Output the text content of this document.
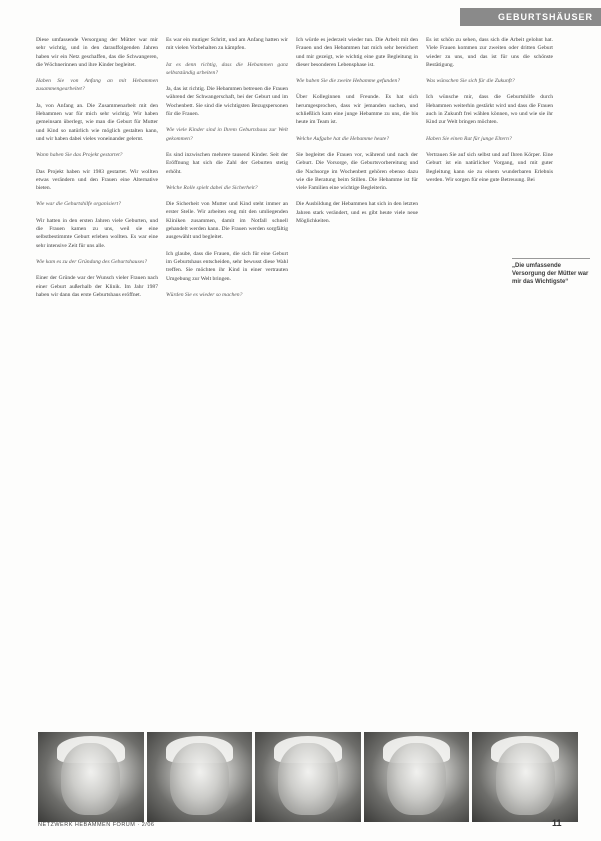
GEBURTSHÄUSER

Diese umfassende Versorgung der Mütter war mir sehr wichtig, und in den darauffolgenden Jahren haben wir ein Netz geschaffen, das die Schwangeren, die Wöchnerinnen und ihre Kinder begleitet.

Haben Sie von Anfang an mit Hebammen zusammengearbeitet?

Ja, von Anfang an. Die Zusammenarbeit mit den Hebammen war für mich sehr wichtig. Wir haben gemeinsam überlegt, wie man die Geburt für Mutter und Kind so natürlich wie möglich gestalten kann, und wir haben dabei vieles voneinander gelernt.

Wann haben Sie das Projekt gestartet?

Das Projekt haben wir 1983 gestartet. Wir wollten etwas verändern und den Frauen eine Alternative bieten.

Wie war die Geburtshilfe organisiert?

Wir hatten in den ersten Jahren viele Geburten, und die Frauen kamen zu uns, weil sie eine selbstbestimmte Geburt erleben wollten. Es war eine sehr intensive Zeit für uns alle.

Wie kam es zu der Gründung des Geburtshauses?

Einer der Gründe war der Wunsch vieler Frauen nach einer Geburt außerhalb der Klinik. Im Jahr 1987 haben wir dann das erste Geburtshaus eröffnet.

Es war ein mutiger Schritt, und am Anfang hatten wir mit vielen Vorbehalten zu kämpfen.

Ist es denn richtig, dass die Hebammen ganz selbstständig arbeiten?

Ja, das ist richtig. Die Hebammen betreuen die Frauen während der Schwangerschaft, bei der Geburt und im Wochenbett. Sie sind die wichtigsten Bezugspersonen für die Frauen.

Wie viele Kinder sind in Ihrem Geburtshaus zur Welt gekommen?

Es sind inzwischen mehrere tausend Kinder. Seit der Eröffnung hat sich die Zahl der Geburten stetig erhöht.

Welche Rolle spielt dabei die Sicherheit?

Die Sicherheit von Mutter und Kind steht immer an erster Stelle. Wir arbeiten eng mit den umliegenden Kliniken zusammen, damit im Notfall schnell gehandelt werden kann. Die Frauen werden sorgfältig ausgewählt und begleitet.

Ich glaube, dass die Frauen, die sich für eine Geburt im Geburtshaus entscheiden, sehr bewusst diese Wahl treffen. Sie möchten ihr Kind in einer vertrauten Umgebung zur Welt bringen.

Würden Sie es wieder so machen?

Ich würde es jederzeit wieder tun. Die Arbeit mit den Frauen und den Hebammen hat mich sehr bereichert und mir gezeigt, wie wichtig eine gute Begleitung in dieser besonderen Lebensphase ist.

Wie haben Sie die zweite Hebamme gefunden?

Über Kolleginnen und Freunde. Es hat sich herumgesprochen, dass wir jemanden suchen, und schließlich kam eine junge Hebamme zu uns, die bis heute im Team ist.

Welche Aufgabe hat die Hebamme heute?

Sie begleitet die Frauen vor, während und nach der Geburt. Die Vorsorge, die Geburtsvorbereitung und die Nachsorge im Wochenbett gehören ebenso dazu wie die Beratung beim Stillen. Die Hebamme ist für viele Familien eine wichtige Begleiterin.

Die Ausbildung der Hebammen hat sich in den letzten Jahren stark verändert, und es gibt heute viele neue Möglichkeiten.

Es ist schön zu sehen, dass sich die Arbeit gelohnt hat. Viele Frauen kommen zur zweiten oder dritten Geburt wieder zu uns, und das ist für uns die schönste Bestätigung.

Was wünschen Sie sich für die Zukunft?

Ich wünsche mir, dass die Geburtshilfe durch Hebammen weiterhin gestärkt wird und dass die Frauen auch in Zukunft frei wählen können, wo und wie sie ihr Kind zur Welt bringen möchten.

Haben Sie einen Rat für junge Eltern?

Vertrauen Sie auf sich selbst und auf Ihren Körper. Eine Geburt ist ein natürlicher Vorgang, und mit guter Begleitung kann sie zu einem wunderbaren Erlebnis werden. Wir sorgen für eine gute Betreuung. Bei

„Die umfassende Versorgung der Mütter war mir das Wichtigste“
NETZWERK HEBAMMEN FORUM · 2/06	11
